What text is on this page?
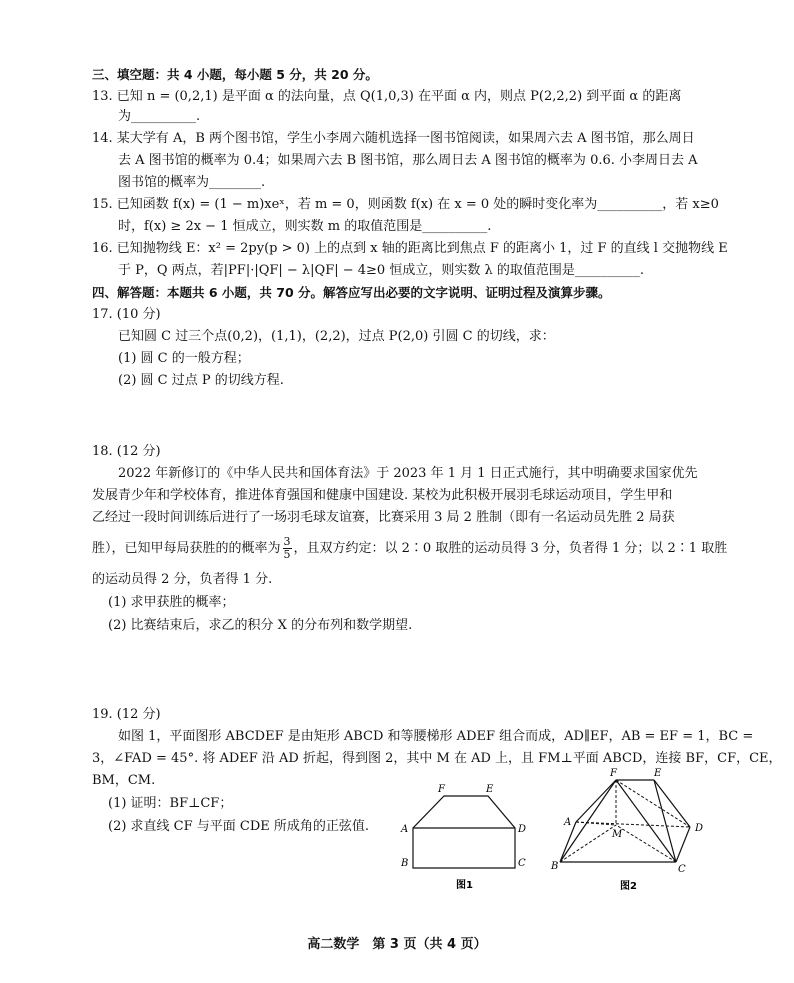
三、填空题：共 4 小题，每小题 5 分，共 20 分。
13. 已知 n = (0,2,1) 是平面 α 的法向量，点 Q(1,0,3) 在平面 α 内，则点 P(2,2,2) 到平面 α 的距离
为__________.
14. 某大学有 A，B 两个图书馆，学生小李周六随机选择一图书馆阅读，如果周六去 A 图书馆，那么周日
去 A 图书馆的概率为 0.4；如果周六去 B 图书馆，那么周日去 A 图书馆的概率为 0.6. 小李周日去 A
图书馆的概率为________.
15. 已知函数 f(x) = (1 − m)xeˣ，若 m = 0，则函数 f(x) 在 x = 0 处的瞬时变化率为__________，若 x≥0
时，f(x) ≥ 2x − 1 恒成立，则实数 m 的取值范围是__________.
16. 已知抛物线 E：x² = 2py(p > 0) 上的点到 x 轴的距离比到焦点 F 的距离小 1，过 F 的直线 l 交抛物线 E
于 P，Q 两点，若|PF|·|QF| − λ|QF| − 4≥0 恒成立，则实数 λ 的取值范围是__________.
四、解答题：本题共 6 小题，共 70 分。解答应写出必要的文字说明、证明过程及演算步骤。
17. (10 分)
已知圆 C 过三个点(0,2)，(1,1)，(2,2)，过点 P(2,0) 引圆 C 的切线，求：
(1) 圆 C 的一般方程；
(2) 圆 C 过点 P 的切线方程.
18. (12 分)
2022 年新修订的《中华人民共和国体育法》于 2023 年 1 月 1 日正式施行，其中明确要求国家优先
发展青少年和学校体育，推进体育强国和健康中国建设. 某校为此积极开展羽毛球运动项目，学生甲和
乙经过一段时间训练后进行了一场羽毛球友谊赛，比赛采用 3 局 2 胜制（即有一名运动员先胜 2 局获
胜），已知甲每局获胜的的概率为 $\frac{3}{5}$ ，且双方约定：以 2∶0 取胜的运动员得 3 分，负者得 1 分；以 2∶1 取胜
的运动员得 2 分，负者得 1 分.
(1) 求甲获胜的概率；
(2) 比赛结束后，求乙的积分 X 的分布列和数学期望.
19. (12 分)
如图 1，平面图形 ABCDEF 是由矩形 ABCD 和等腰梯形 ADEF 组合而成，AD∥EF，AB = EF = 1，BC =
3，∠FAD = 45°. 将 ADEF 沿 AD 折起，得到图 2，其中 M 在 AD 上，且 FM⊥平面 ABCD，连接 BF，CF，CE，
BM，CM.
(1) 证明：BF⊥CF；
(2) 求直线 CF 与平面 CDE 所成角的正弦值.
F	E
A	D
B	C
图1
F	E
A
D
M
B	C
图2
高二数学　第 3 页（共 4 页）
